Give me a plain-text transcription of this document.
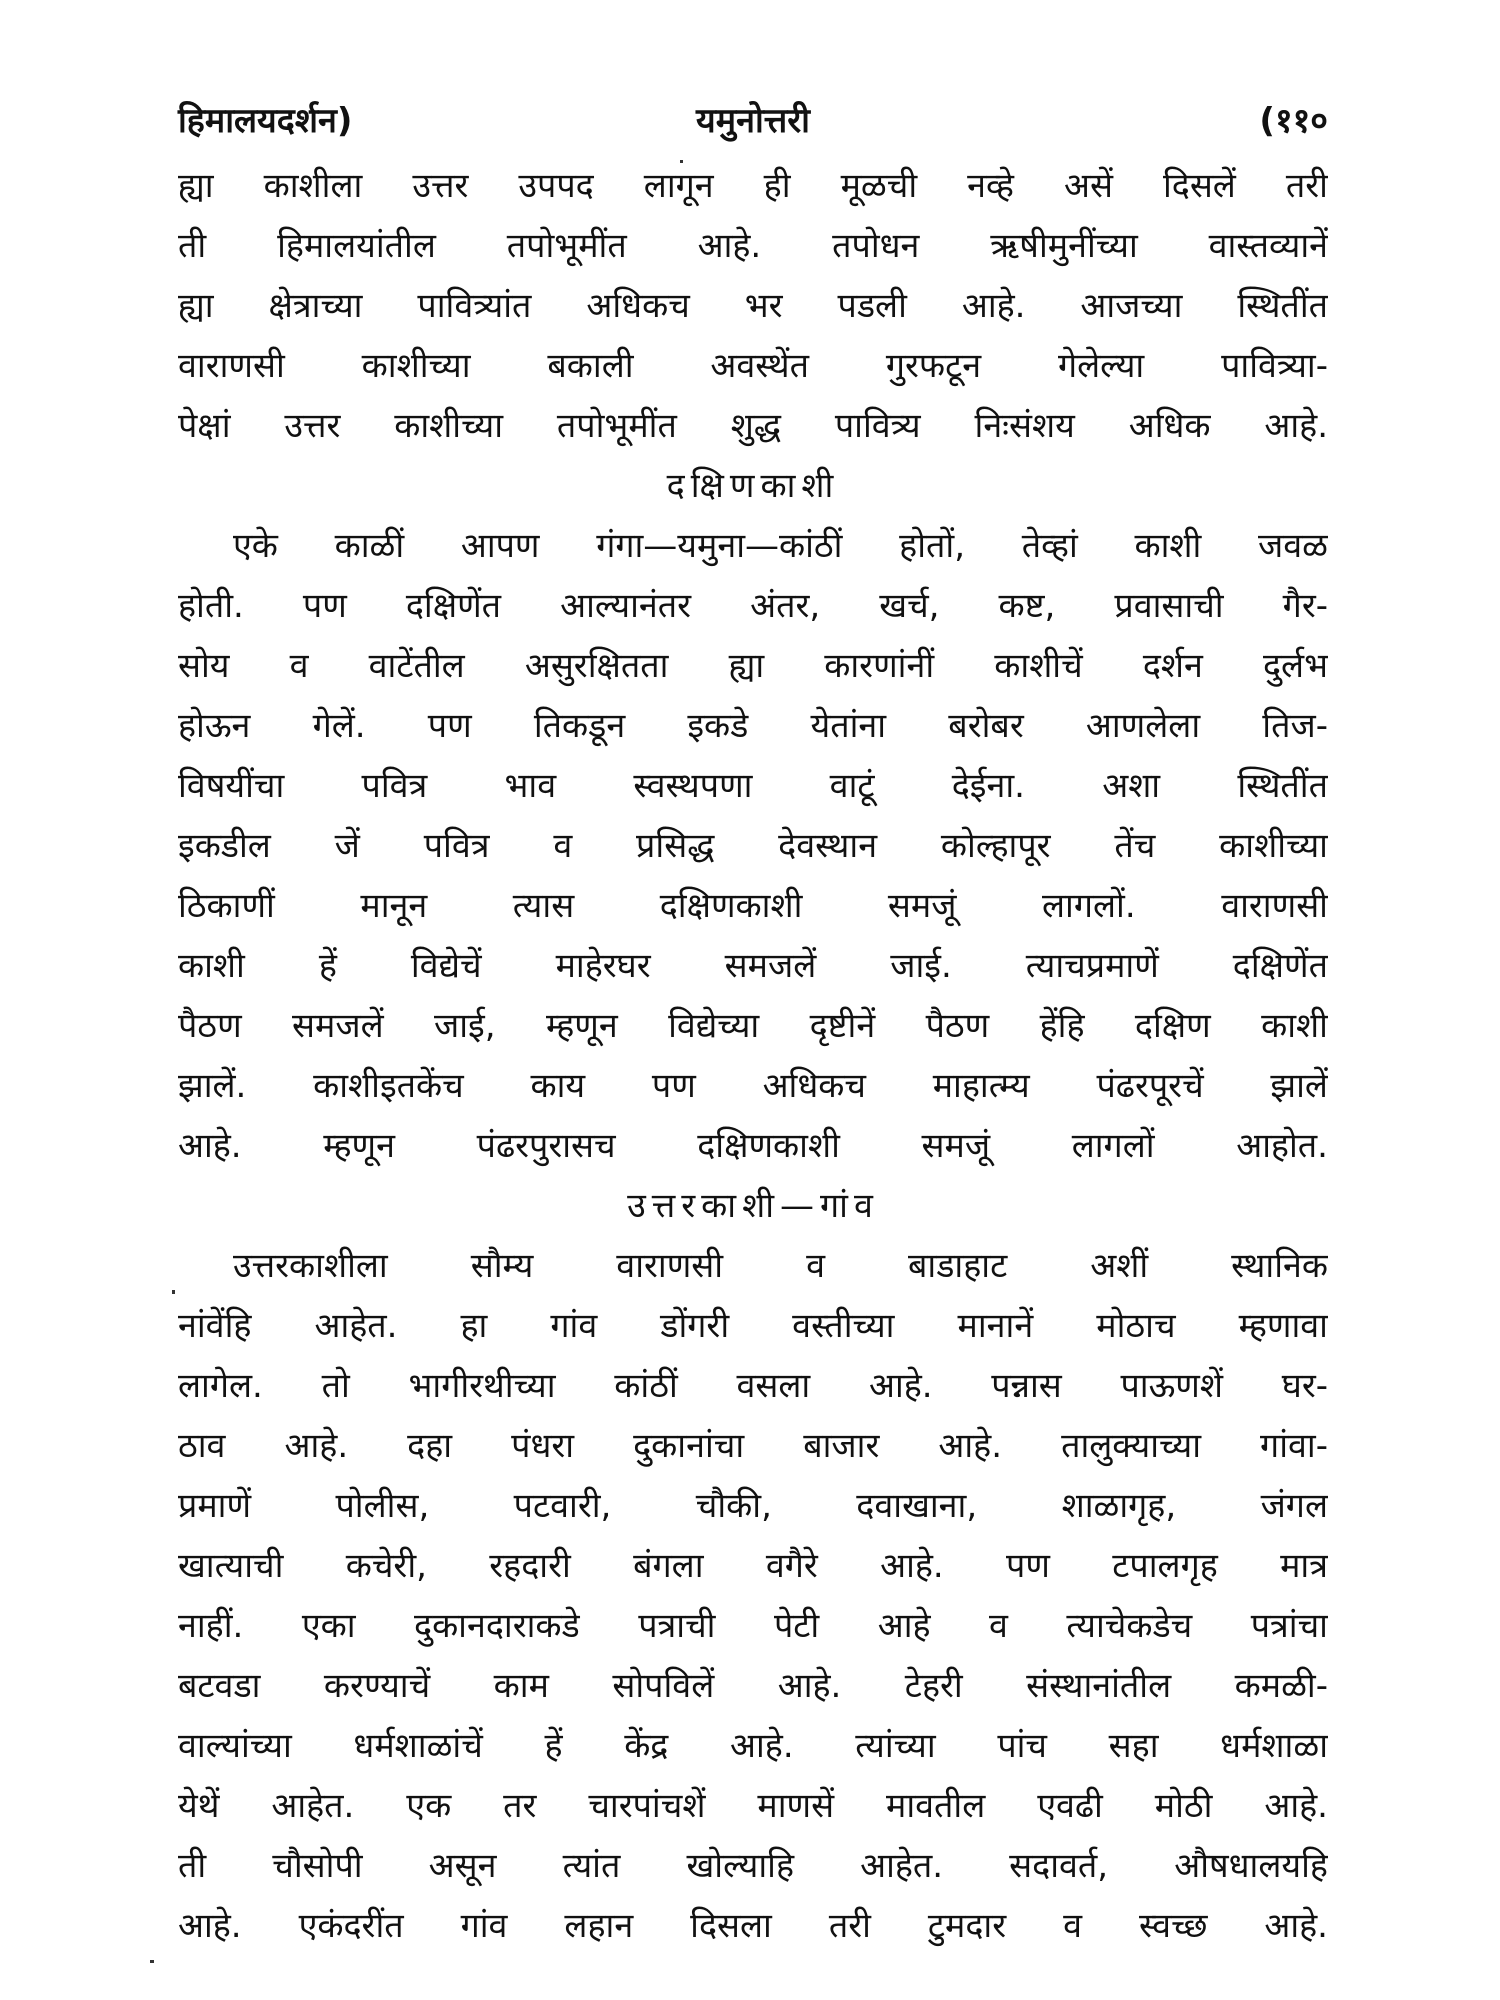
हिमालयदर्शन)	यमुनोत्तरी	(११०
ह्या काशीला उत्तर उपपद लागून ही मूळची नव्हे असें दिसलें तरी
ती हिमालयांतील तपोभूमींत आहे. तपोधन ऋषीमुनींच्या वास्तव्यानें
ह्या क्षेत्राच्या पावित्र्यांत अधिकच भर पडली आहे. आजच्या स्थितींत
वाराणसी काशीच्या बकाली अवस्थेंत गुरफटून गेलेल्या पावित्र्या-
पेक्षां उत्तर काशीच्या तपोभूमींत शुद्ध पावित्र्य निःसंशय अधिक आहे.
दक्षिणकाशी
एके काळीं आपण गंगा—यमुना—कांठीं होतों, तेव्हां काशी जवळ
होती. पण दक्षिणेंत आल्यानंतर अंतर, खर्च, कष्ट, प्रवासाची गैर-
सोय व वाटेंतील असुरक्षितता ह्या कारणांनीं काशीचें दर्शन दुर्लभ
होऊन गेलें. पण तिकडून इकडे येतांना बरोबर आणलेला तिज-
विषयींचा पवित्र भाव स्वस्थपणा वाटूं देईना. अशा स्थितींत
इकडील जें पवित्र व प्रसिद्ध देवस्थान कोल्हापूर तेंच काशीच्या
ठिकाणीं मानून त्यास दक्षिणकाशी समजूं लागलों. वाराणसी
काशी हें विद्येचें माहेरघर समजलें जाई. त्याचप्रमाणें दक्षिणेंत
पैठण समजलें जाई, म्हणून विद्येच्या दृष्टीनें पैठण हेंहि दक्षिण काशी
झालें. काशीइतकेंच काय पण अधिकच माहात्म्य पंढरपूरचें झालें
आहे. म्हणून पंढरपुरासच दक्षिणकाशी समजूं लागलों आहोत.
उत्तरकाशी—गांव
उत्तरकाशीला सौम्य वाराणसी व बाडाहाट अशीं स्थानिक
नांवेंहि आहेत. हा गांव डोंगरी वस्तीच्या मानानें मोठाच म्हणावा
लागेल. तो भागीरथीच्या कांठीं वसला आहे. पन्नास पाऊणशें घर-
ठाव आहे. दहा पंधरा दुकानांचा बाजार आहे. तालुक्याच्या गांवा-
प्रमाणें पोलीस, पटवारी, चौकी, दवाखाना, शाळागृह, जंगल
खात्याची कचेरी, रहदारी बंगला वगैरे आहे. पण टपालगृह मात्र
नाहीं. एका दुकानदाराकडे पत्राची पेटी आहे व त्याचेकडेच पत्रांचा
बटवडा करण्याचें काम सोपविलें आहे. टेहरी संस्थानांतील कमळी-
वाल्यांच्या धर्मशाळांचें हें केंद्र आहे. त्यांच्या पांच सहा धर्मशाळा
येथें आहेत. एक तर चारपांचशें माणसें मावतील एवढी मोठी आहे.
ती चौसोपी असून त्यांत खोल्याहि आहेत. सदावर्त, औषधालयहि
आहे. एकंदरींत गांव लहान दिसला तरी टुमदार व स्वच्छ आहे.
